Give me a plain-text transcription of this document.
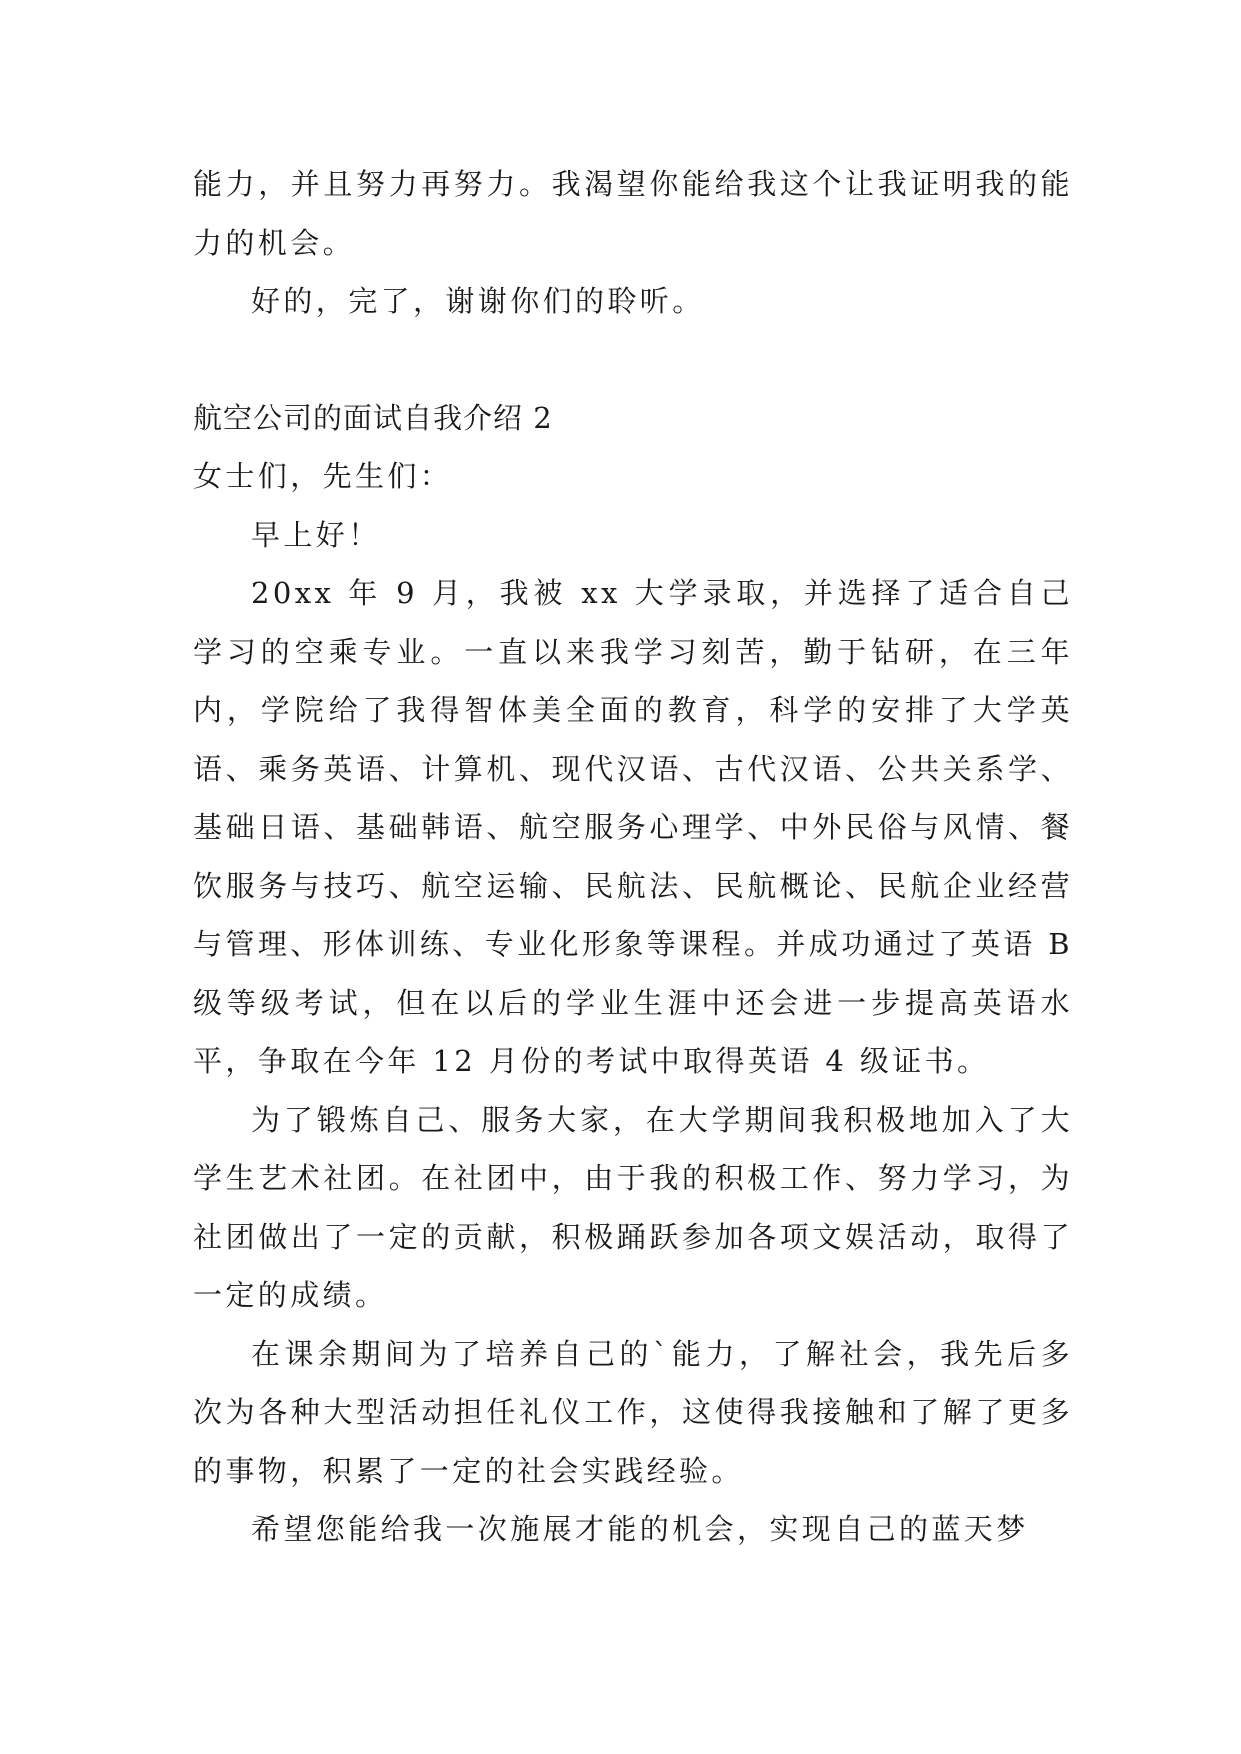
能力，并且努力再努力。我渴望你能给我这个让我证明我的能力的机会。

好的，完了，谢谢你们的聆听。

航空公司的面试自我介绍 2

女士们，先生们：

早上好！

20xx 年 9 月，我被 xx 大学录取，并选择了适合自己学习的空乘专业。一直以来我学习刻苦，勤于钻研，在三年内，学院给了我得智体美全面的教育，科学的安排了大学英语、乘务英语、计算机、现代汉语、古代汉语、公共关系学、基础日语、基础韩语、航空服务心理学、中外民俗与风情、餐饮服务与技巧、航空运输、民航法、民航概论、民航企业经营与管理、形体训练、专业化形象等课程。并成功通过了英语 B 级等级考试，但在以后的学业生涯中还会进一步提高英语水平，争取在今年 12 月份的考试中取得英语 4 级证书。

为了锻炼自己、服务大家，在大学期间我积极地加入了大学生艺术社团。在社团中，由于我的积极工作、努力学习，为社团做出了一定的贡献，积极踊跃参加各项文娱活动，取得了一定的成绩。

在课余期间为了培养自己的`能力，了解社会，我先后多次为各种大型活动担任礼仪工作，这使得我接触和了解了更多的事物，积累了一定的社会实践经验。

希望您能给我一次施展才能的机会，实现自己的蓝天梦
